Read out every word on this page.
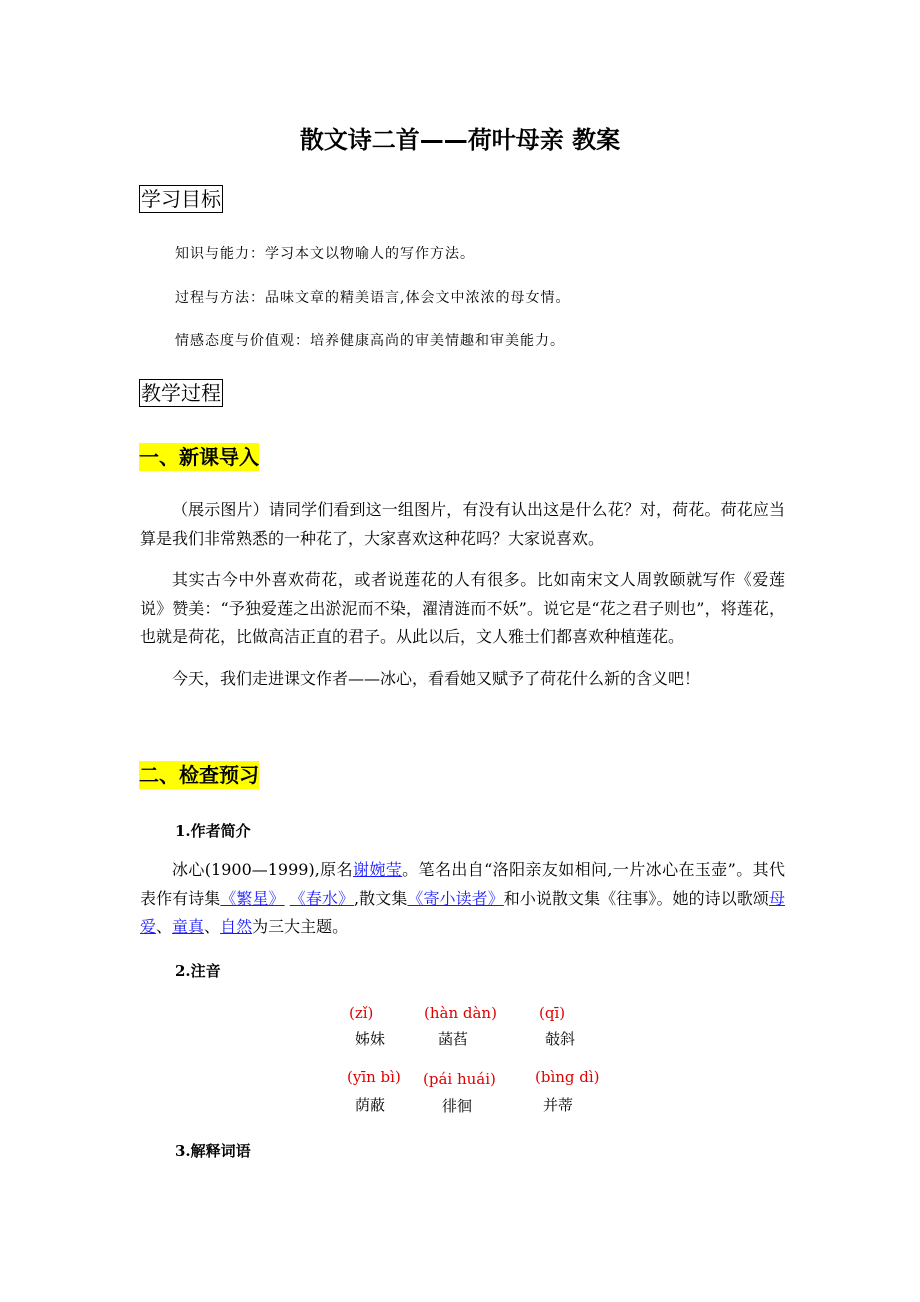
散文诗二首——荷叶母亲 教案
学习目标
知识与能力：学习本文以物喻人的写作方法。
过程与方法：品味文章的精美语言,体会文中浓浓的母女情。
情感态度与价值观：培养健康高尚的审美情趣和审美能力。
教学过程
一、新课导入
（展示图片）请同学们看到这一组图片，有没有认出这是什么花？对，荷花。荷花应当算是我们非常熟悉的一种花了，大家喜欢这种花吗？大家说喜欢。
其实古今中外喜欢荷花，或者说莲花的人有很多。比如南宋文人周敦颐就写作《爱莲说》赞美：“予独爱莲之出淤泥而不染，濯清涟而不妖”。说它是“花之君子则也”，将莲花，也就是荷花，比做高洁正直的君子。从此以后，文人雅士们都喜欢种植莲花。
今天，我们走进课文作者——冰心，看看她又赋予了荷花什么新的含义吧！
二、检查预习
1.作者简介
冰心(1900—1999),原名谢婉莹。笔名出自“洛阳亲友如相问,一片冰心在玉壶”。其代表作有诗集《繁星》 《春水》,散文集《寄小读者》和小说散文集《往事》。她的诗以歌颂母爱、童真、自然为三大主题。
2.注音
(zǐ)
姊妹
(hàn dàn)
菡萏
(qī)
攲斜
(yīn bì)
荫蔽
(pái huái)
徘徊
(bìng dì)
并蒂
3.解释词语
